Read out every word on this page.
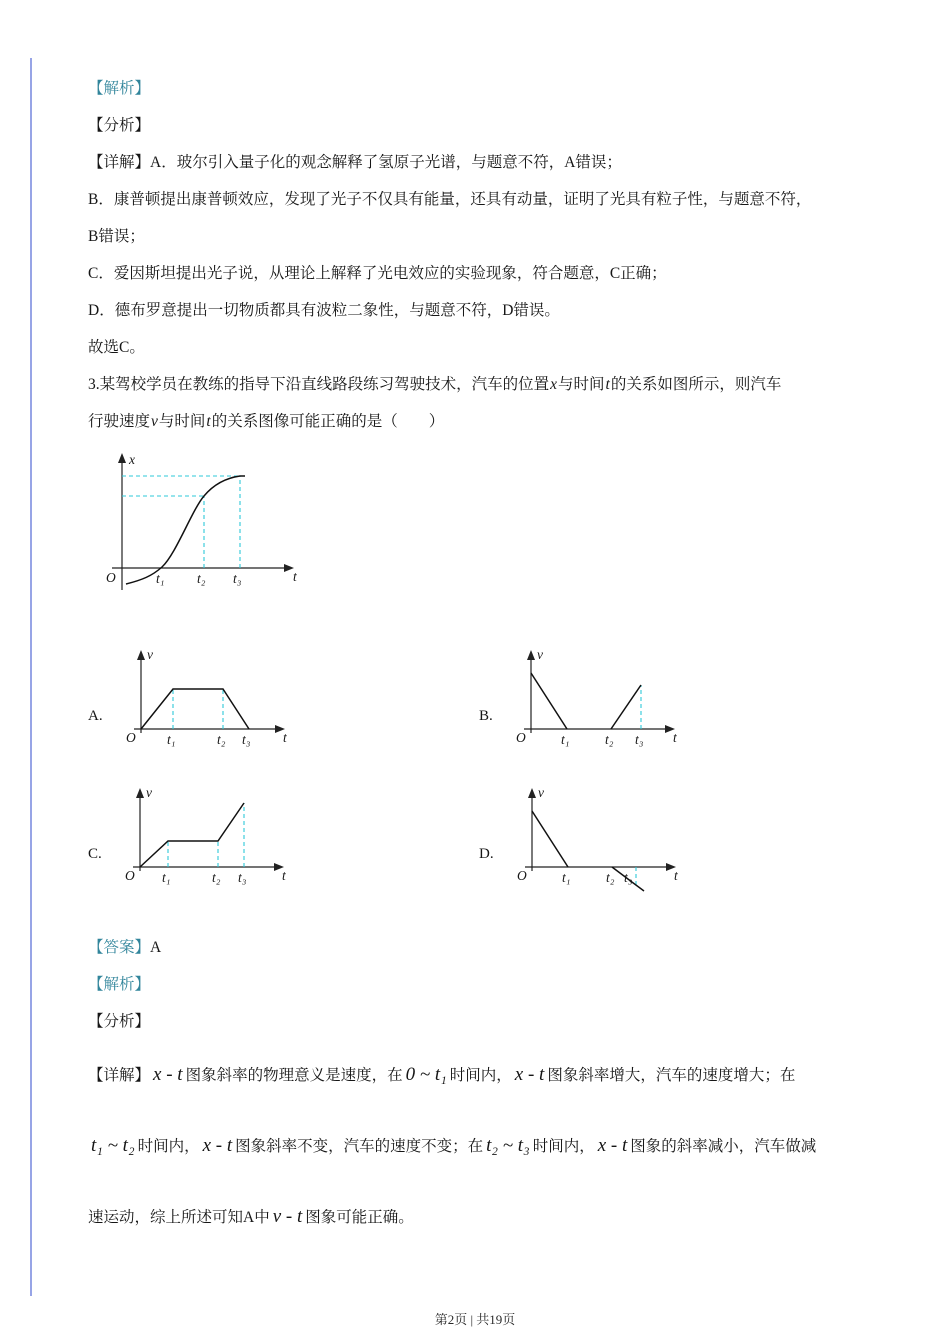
【解析】

【分析】

【详解】A．玻尔引入量子化的观念解释了氢原子光谱，与题意不符，A错误；

B．康普顿提出康普顿效应，发现了光子不仅具有能量，还具有动量，证明了光具有粒子性，与题意不符，

B错误；

C．爱因斯坦提出光子说，从理论上解释了光电效应的实验现象，符合题意，C正确；

D．德布罗意提出一切物质都具有波粒二象性，与题意不符，D错误。

故选C。

3.某驾校学员在教练的指导下沿直线路段练习驾驶技术，汽车的位置x与时间t的关系如图所示，则汽车

行驶速度v与时间t的关系图像可能正确的是（　　）

x
t
O	t₁ t₂ t₃
A.
v
t
O t₁	t₂ t₃
B.
v
t
O	t₁	t₂ t₃
C.
v
t
O t₁	t₂ t₃
D.
v
t
O	t₁	t₂ t₃

【答案】A

【解析】

【分析】

【详解】 x - t 图象斜率的物理意义是速度，在 0 ~ t₁ 时间内， x - t 图象斜率增大，汽车的速度增大；在
t₁ ~ t₂ 时间内， x - t 图象斜率不变，汽车的速度不变；在 t₂ ~ t₃ 时间内， x - t 图象的斜率减小，汽车做减
速运动，综上所述可知A中 v - t 图象可能正确。
第2页 | 共19页
